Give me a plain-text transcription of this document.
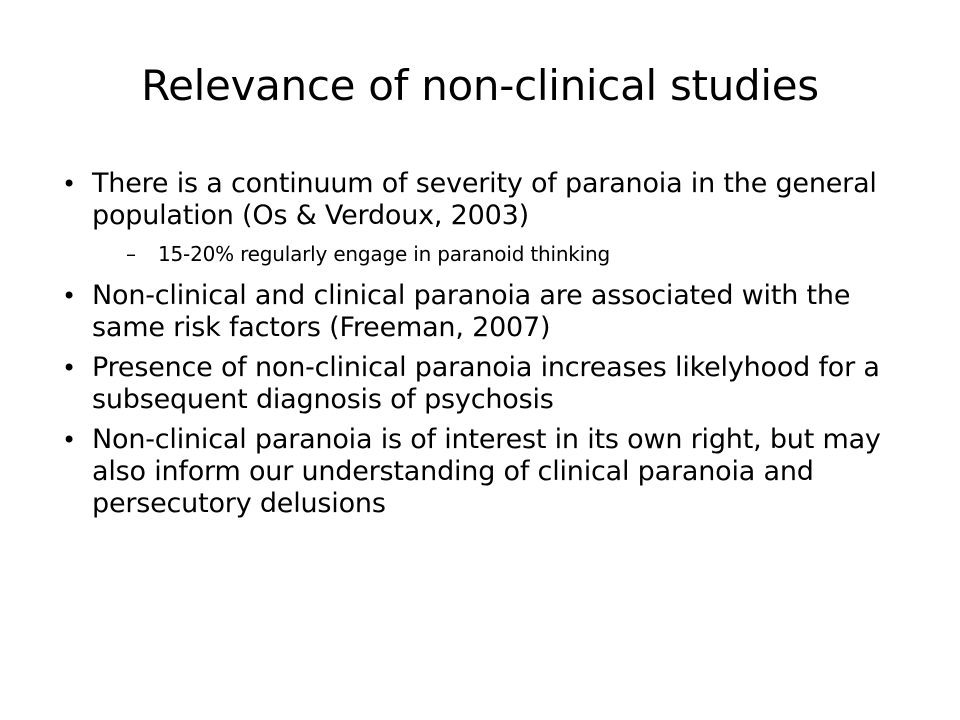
Relevance of non-clinical studies
• There is a continuum of severity of paranoia in the general population (Os & Verdoux, 2003)
– 15-20% regularly engage in paranoid thinking
• Non-clinical and clinical paranoia are associated with the same risk factors (Freeman, 2007)
• Presence of non-clinical paranoia increases likelyhood for a subsequent diagnosis of psychosis
• Non-clinical paranoia is of interest in its own right, but may also inform our understanding of clinical paranoia and persecutory delusions
